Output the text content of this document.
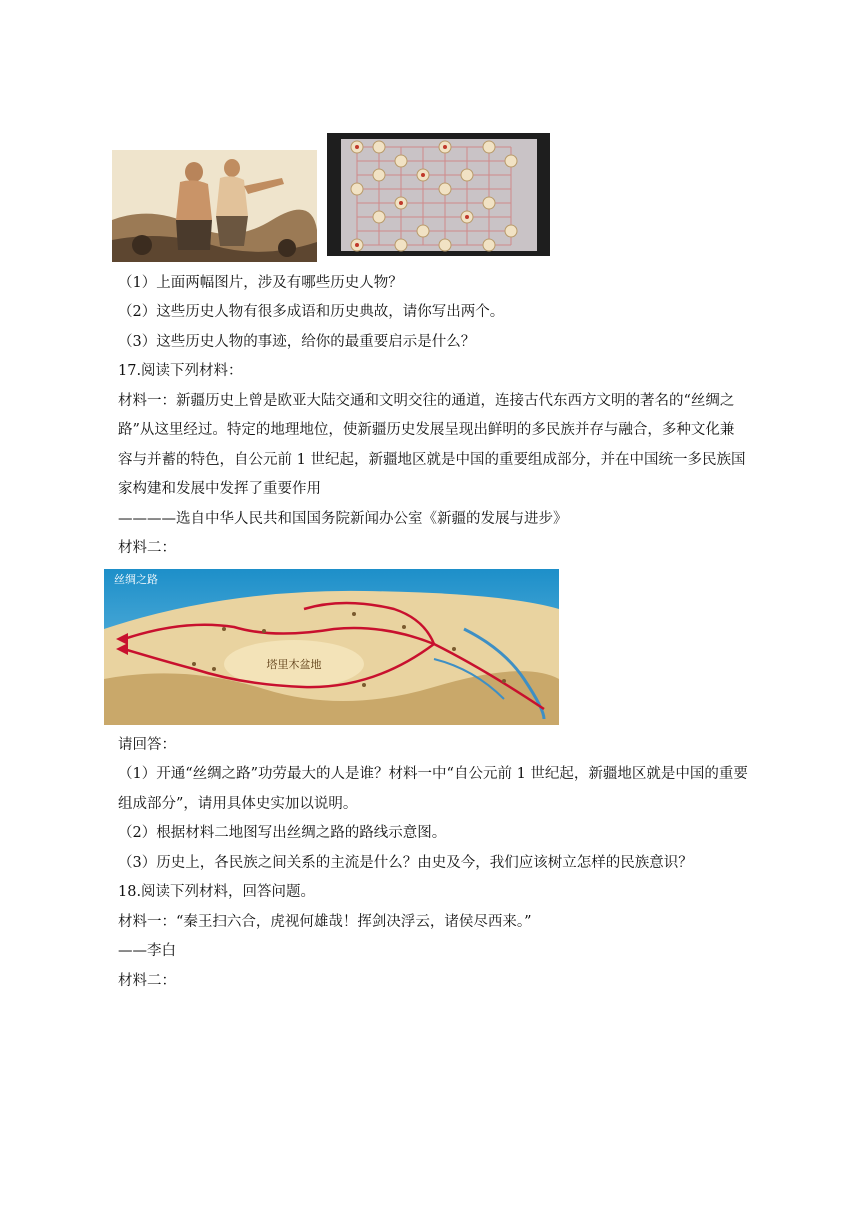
（1）上面两幅图片，涉及有哪些历史人物？
（2）这些历史人物有很多成语和历史典故，请你写出两个。
（3）这些历史人物的事迹，给你的最重要启示是什么？
17.阅读下列材料：
材料一：新疆历史上曾是欧亚大陆交通和文明交往的通道，连接古代东西方文明的著名的“丝绸之
路”从这里经过。特定的地理地位，使新疆历史发展呈现出鲜明的多民族并存与融合，多种文化兼
容与并蓄的特色，自公元前 1 世纪起，新疆地区就是中国的重要组成部分，并在中国统一多民族国
家构建和发展中发挥了重要作用
————选自中华人民共和国国务院新闻办公室《新疆的发展与进步》
材料二：
丝绸之路
塔里木盆地
请回答：
（1）开通“丝绸之路”功劳最大的人是谁？材料一中“自公元前 1 世纪起，新疆地区就是中国的重要
组成部分”，请用具体史实加以说明。
（2）根据材料二地图写出丝绸之路的路线示意图。
（3）历史上，各民族之间关系的主流是什么？由史及今，我们应该树立怎样的民族意识？
18.阅读下列材料，回答问题。
材料一：“秦王扫六合，虎视何雄哉！挥剑决浮云，诸侯尽西来。”
——李白
材料二：
